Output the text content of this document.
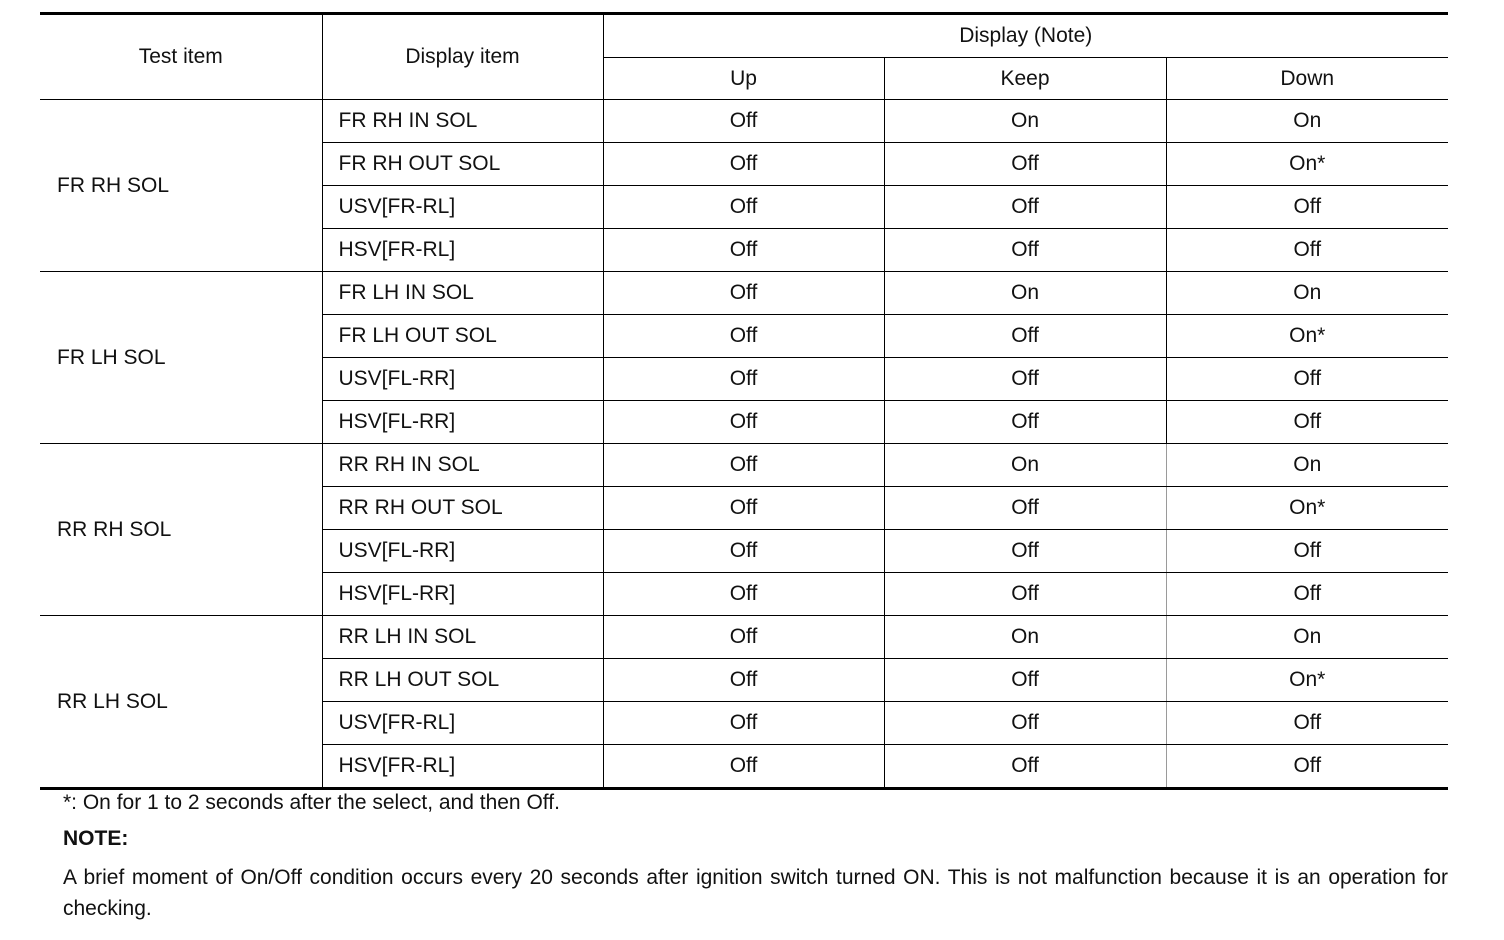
Test item	Display item	Display (Note)		
		Up	Keep	Down
FR RH SOL	FR RH IN SOL	Off	On	On
	FR RH OUT SOL	Off	Off	On*
	USV[FR-RL]	Off	Off	Off
	HSV[FR-RL]	Off	Off	Off
FR LH SOL	FR LH IN SOL	Off	On	On
	FR LH OUT SOL	Off	Off	On*
	USV[FL-RR]	Off	Off	Off
	HSV[FL-RR]	Off	Off	Off
RR RH SOL	RR RH IN SOL	Off	On	On
	RR RH OUT SOL	Off	Off	On*
	USV[FL-RR]	Off	Off	Off
	HSV[FL-RR]	Off	Off	Off
RR LH SOL	RR LH IN SOL	Off	On	On
	RR LH OUT SOL	Off	Off	On*
	USV[FR-RL]	Off	Off	Off
	HSV[FR-RL]	Off	Off	Off

*: On for 1 to 2 seconds after the select, and then Off.

NOTE:

A brief moment of On/Off condition occurs every 20 seconds after ignition switch turned ON. This is not malfunction because it is an operation for checking.
